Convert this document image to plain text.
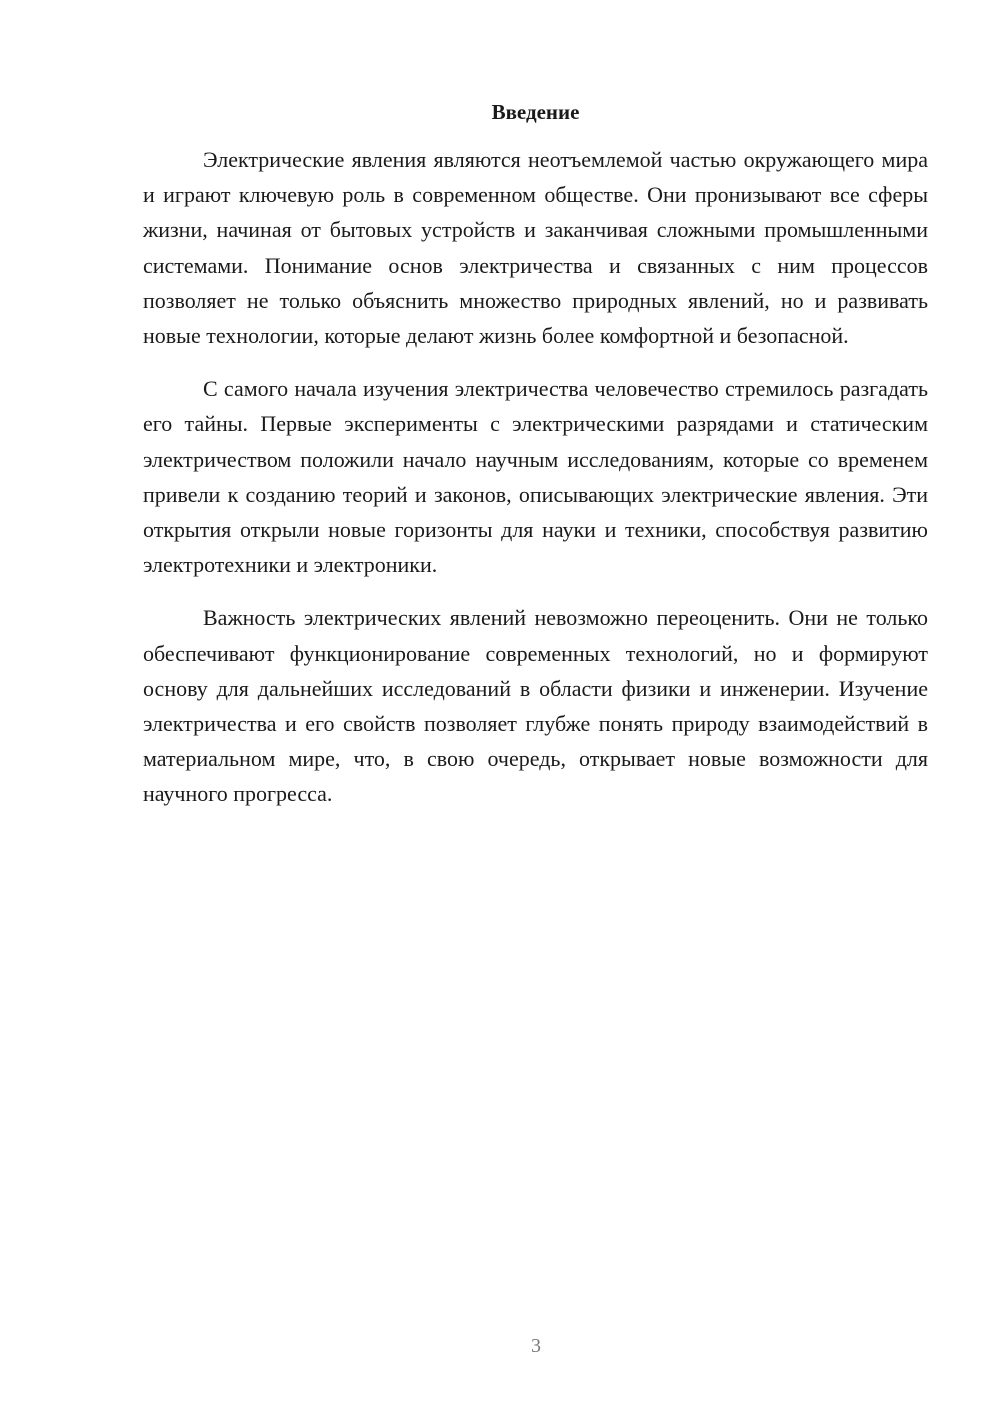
Введение

Электрические явления являются неотъемлемой частью окружающего мира и играют ключевую роль в современном обществе. Они пронизывают все сферы жизни, начиная от бытовых устройств и заканчивая сложными промышленными системами. Понимание основ электричества и связанных с ним процессов позволяет не только объяснить множество природных явлений, но и развивать новые технологии, которые делают жизнь более комфортной и безопасной.

С самого начала изучения электричества человечество стремилось разгадать его тайны. Первые эксперименты с электрическими разрядами и статическим электричеством положили начало научным исследованиям, которые со временем привели к созданию теорий и законов, описывающих электрические явления. Эти открытия открыли новые горизонты для науки и техники, способствуя развитию электротехники и электроники.

Важность электрических явлений невозможно переоценить. Они не только обеспечивают функционирование современных технологий, но и формируют основу для дальнейших исследований в области физики и инженерии. Изучение электричества и его свойств позволяет глубже понять природу взаимодействий в материальном мире, что, в свою очередь, открывает новые возможности для научного прогресса.

3
